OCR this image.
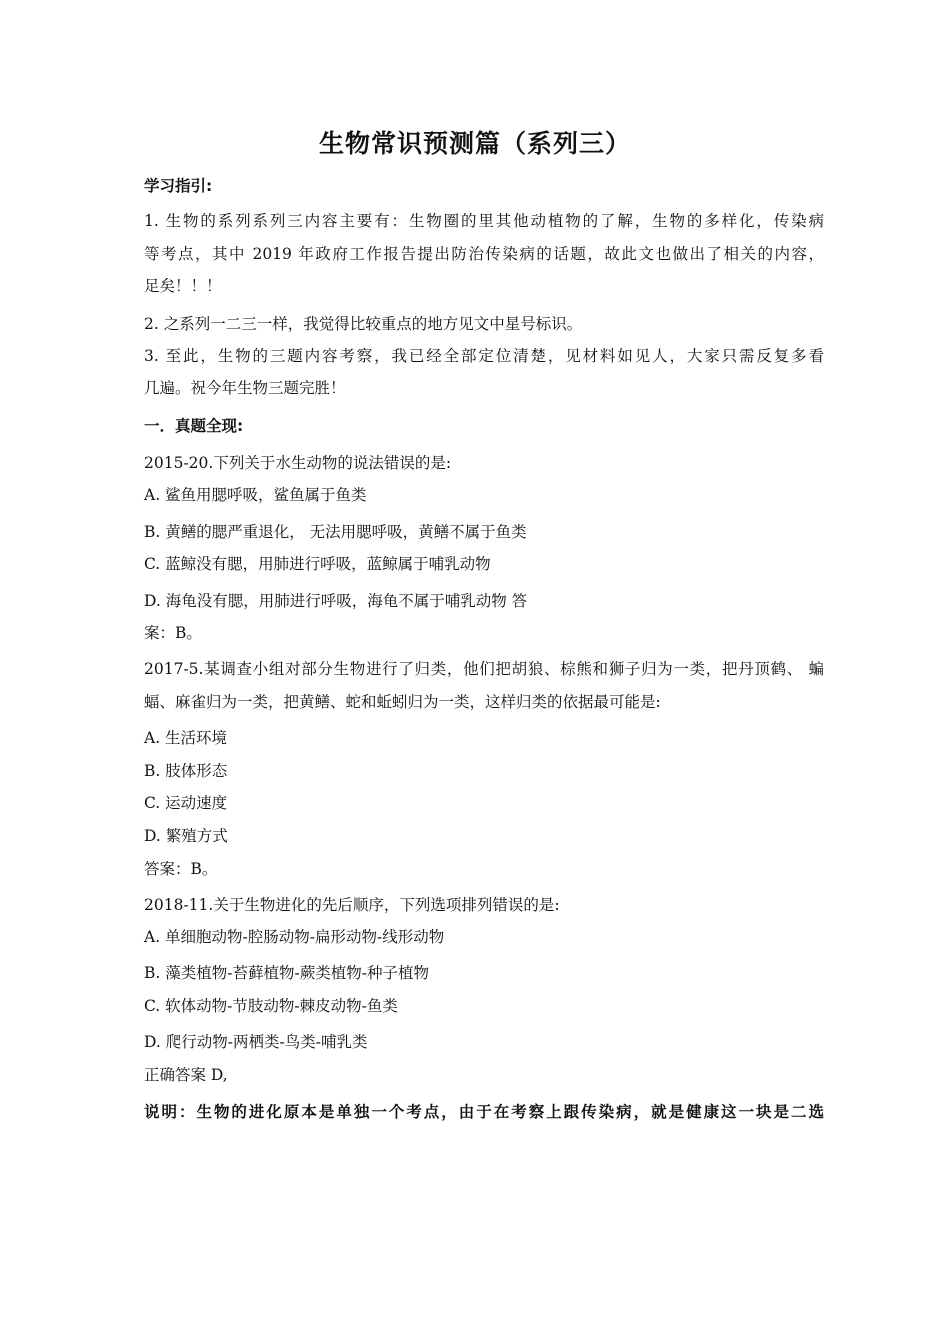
生物常识预测篇（系列三）
学习指引:
1. 生物的系列系列三内容主要有：生物圈的里其他动植物的了解，生物的多样化，传染病
等考点，其中 2019 年政府工作报告提出防治传染病的话题，故此文也做出了相关的内容，
足矣！！！
2. 之系列一二三一样，我觉得比较重点的地方见文中星号标识。
3. 至此，生物的三题内容考察，我已经全部定位清楚，见材料如见人，大家只需反复多看
几遍。祝今年生物三题完胜！
一．真题全现:
2015-20.下列关于水生动物的说法错误的是:
A. 鲨鱼用腮呼吸，鲨鱼属于鱼类
B. 黄鳝的腮严重退化， 无法用腮呼吸，黄鳝不属于鱼类
C. 蓝鲸没有腮，用肺进行呼吸，蓝鲸属于哺乳动物
D. 海龟没有腮，用肺进行呼吸，海龟不属于哺乳动物 答
案：B。
2017-5.某调查小组对部分生物进行了归类，他们把胡狼、棕熊和狮子归为一类，把丹顶鹤、 蝙
蝠、麻雀归为一类，把黄鳝、蛇和蚯蚓归为一类，这样归类的依据最可能是:
A. 生活环境
B. 肢体形态
C. 运动速度
D. 繁殖方式
答案：B。
2018-11.关于生物进化的先后顺序，下列选项排列错误的是:
A. 单细胞动物-腔肠动物-扁形动物-线形动物
B. 藻类植物-苔藓植物-蕨类植物-种子植物
C. 软体动物-节肢动物-棘皮动物-鱼类
D. 爬行动物-两栖类-鸟类-哺乳类
正确答案 D,
说明：生物的进化原本是单独一个考点，由于在考察上跟传染病，就是健康这一块是二选
